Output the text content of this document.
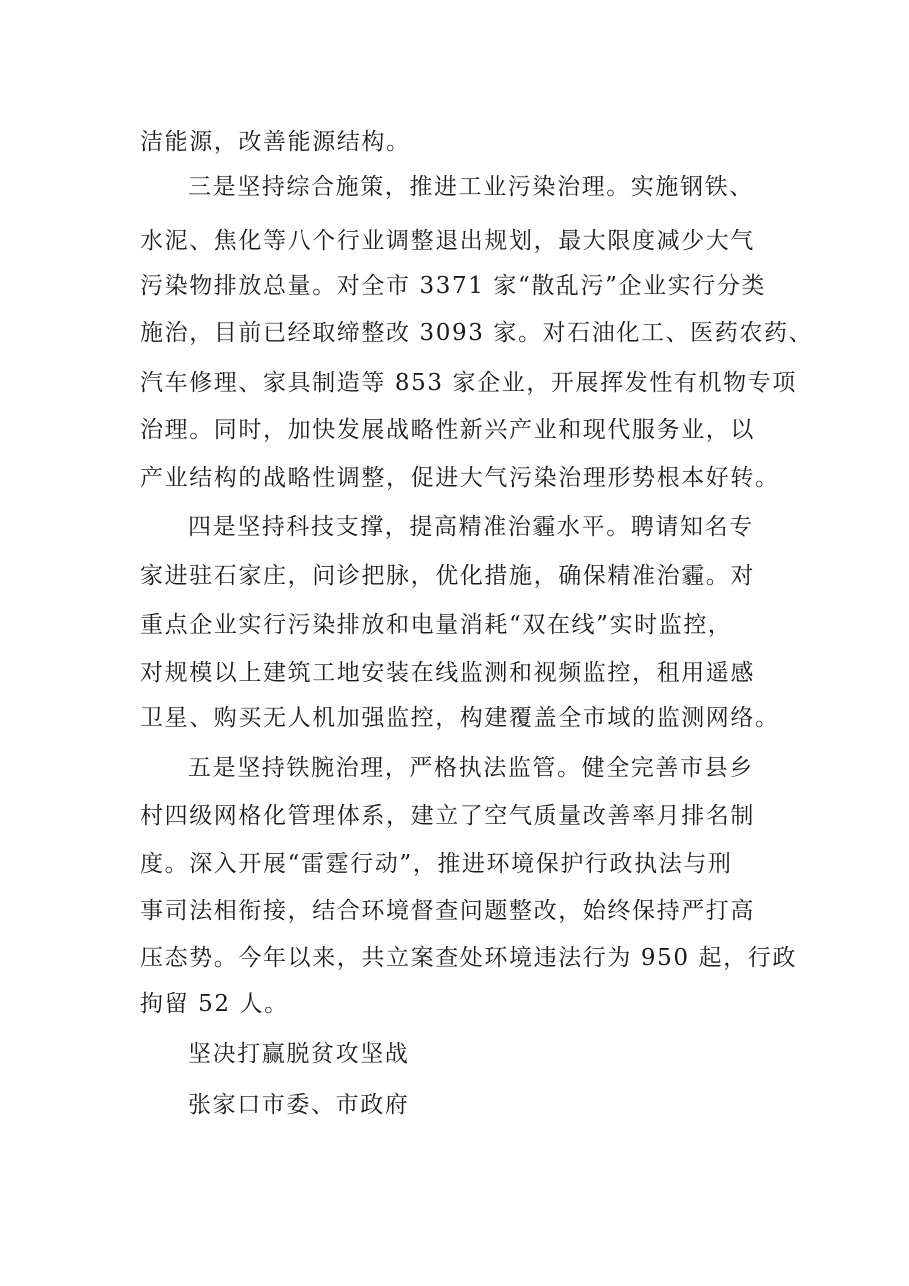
洁能源，改善能源结构。
三是坚持综合施策，推进工业污染治理。实施钢铁、
水泥、焦化等八个行业调整退出规划，最大限度减少大气
污染物排放总量。对全市 3371 家“散乱污”企业实行分类
施治，目前已经取缔整改 3093 家。对石油化工、医药农药、
汽车修理、家具制造等 853 家企业，开展挥发性有机物专项
治理。同时，加快发展战略性新兴产业和现代服务业，以
产业结构的战略性调整，促进大气污染治理形势根本好转。
四是坚持科技支撑，提高精准治霾水平。聘请知名专
家进驻石家庄，问诊把脉，优化措施，确保精准治霾。对
重点企业实行污染排放和电量消耗“双在线”实时监控，
对规模以上建筑工地安装在线监测和视频监控，租用遥感
卫星、购买无人机加强监控，构建覆盖全市域的监测网络。
五是坚持铁腕治理，严格执法监管。健全完善市县乡
村四级网格化管理体系，建立了空气质量改善率月排名制
度。深入开展“雷霆行动”，推进环境保护行政执法与刑
事司法相衔接，结合环境督查问题整改，始终保持严打高
压态势。今年以来，共立案查处环境违法行为 950 起，行政
拘留 52 人。
坚决打赢脱贫攻坚战
张家口市委、市政府
